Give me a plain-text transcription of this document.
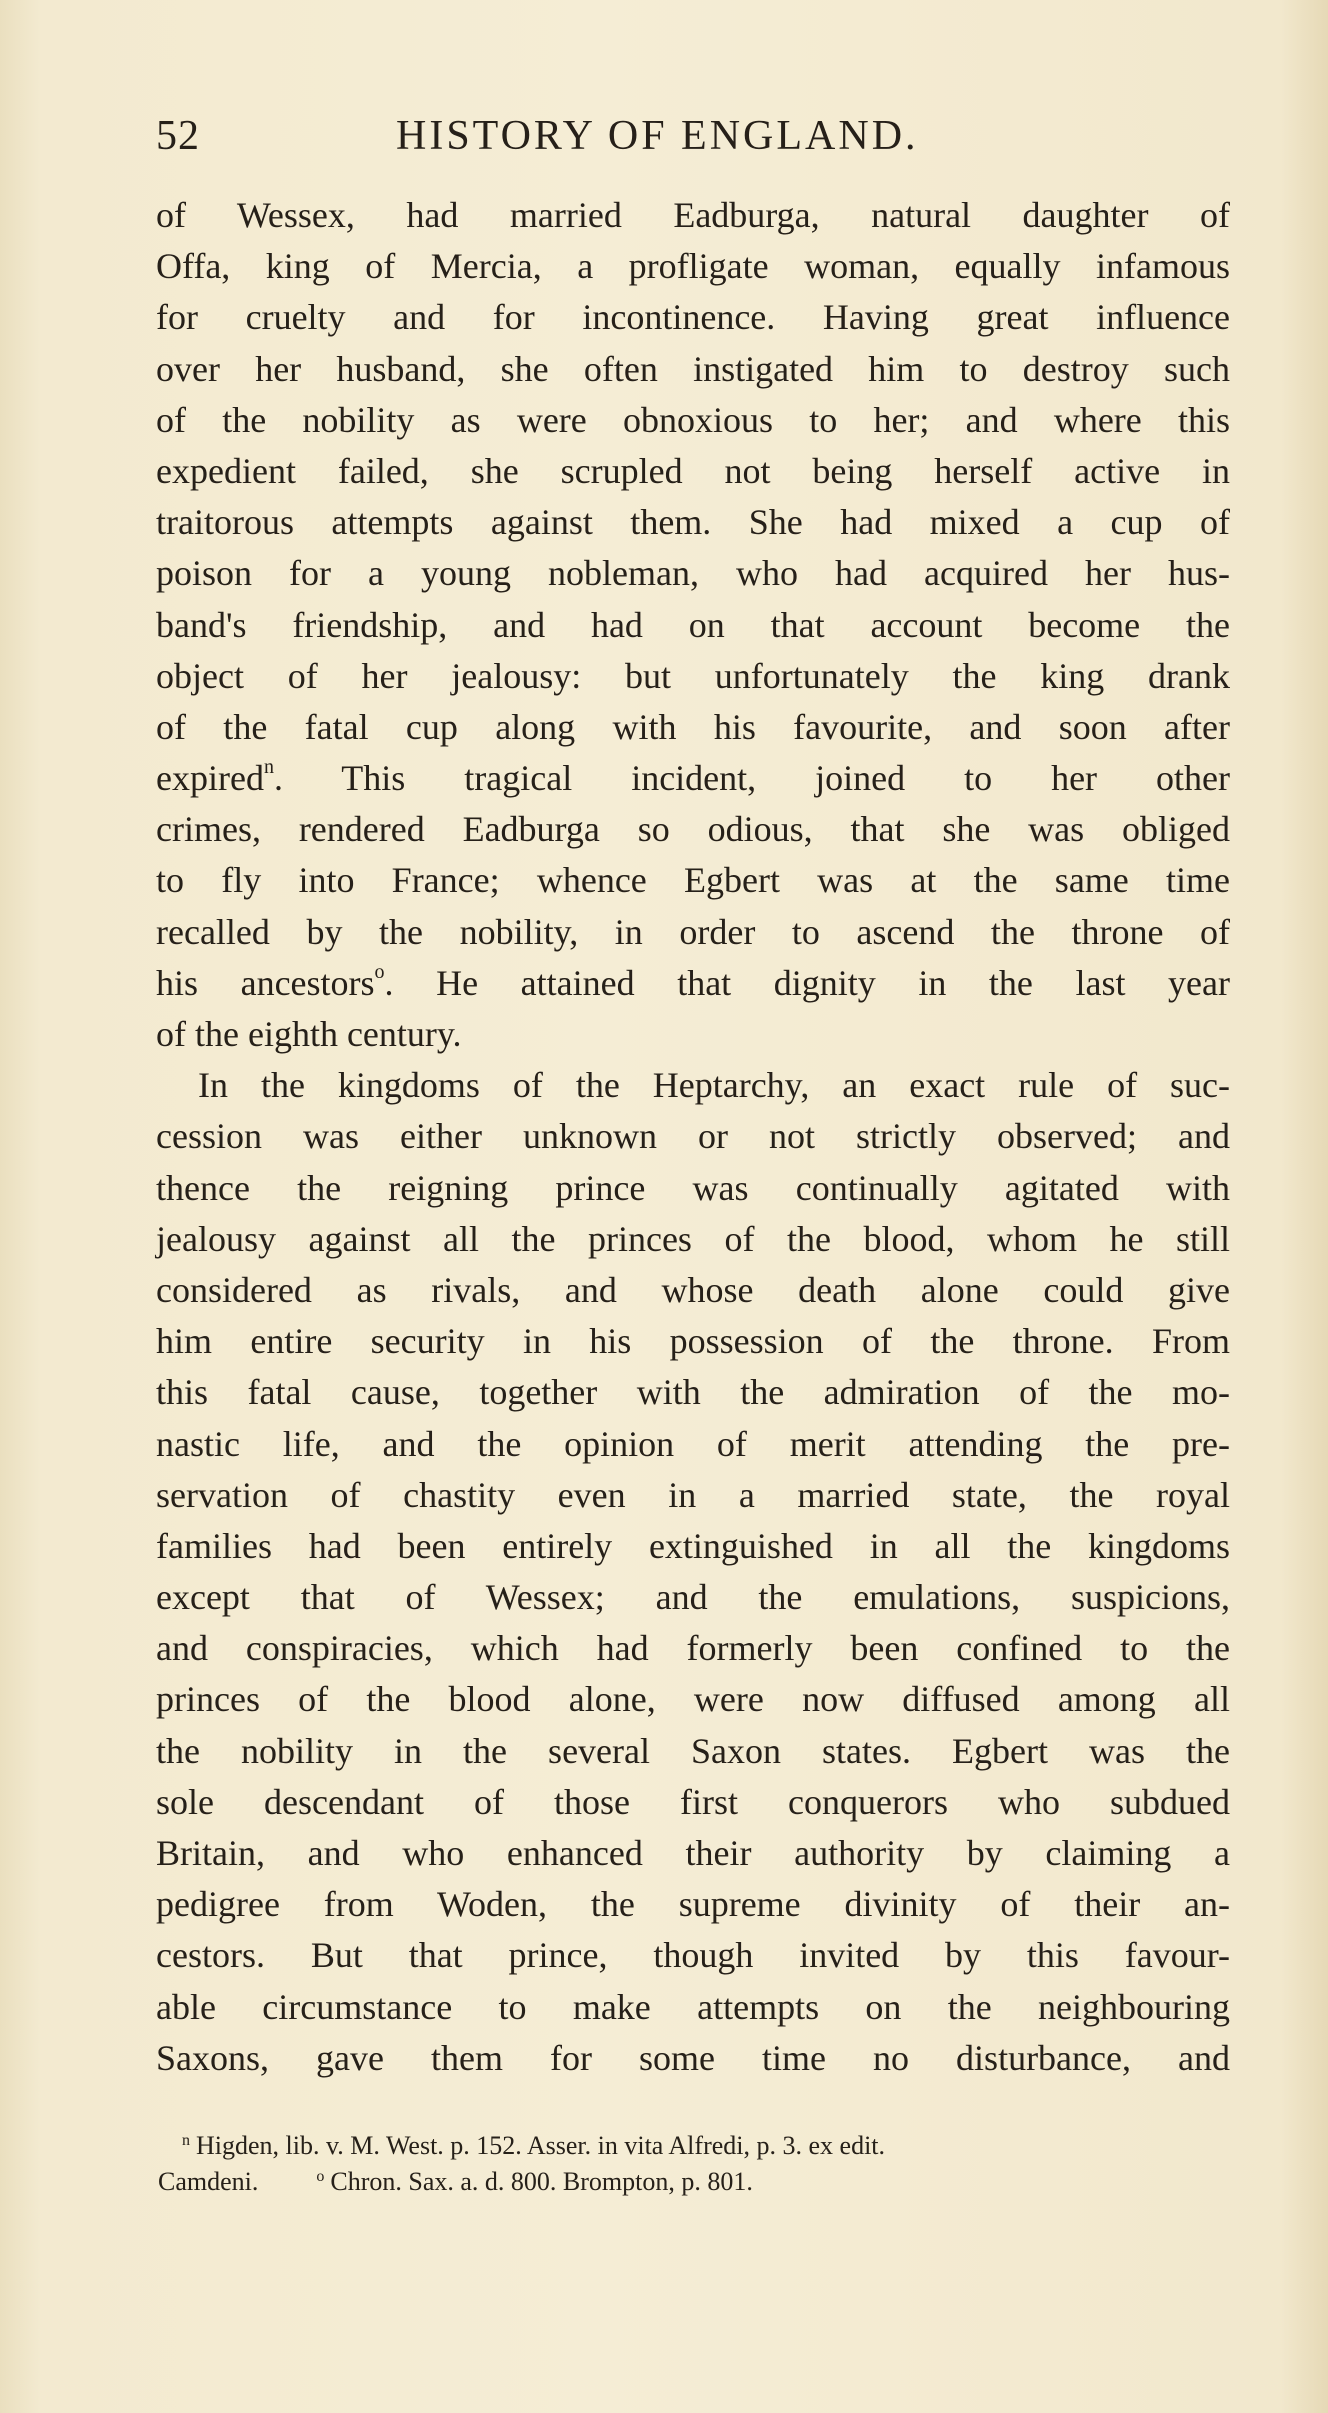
52	HISTORY OF ENGLAND.
of Wessex, had married Eadburga, natural daughter of
Offa, king of Mercia, a profligate woman, equally infamous
for cruelty and for incontinence. Having great influence
over her husband, she often instigated him to destroy such
of the nobility as were obnoxious to her; and where this
expedient failed, she scrupled not being herself active in
traitorous attempts against them. She had mixed a cup of
poison for a young nobleman, who had acquired her hus-
band's friendship, and had on that account become the
object of her jealousy: but unfortunately the king drank
of the fatal cup along with his favourite, and soon after
expired$^n$. This tragical incident, joined to her other
crimes, rendered Eadburga so odious, that she was obliged
to fly into France; whence Egbert was at the same time
recalled by the nobility, in order to ascend the throne of
his ancestors$^o$. He attained that dignity in the last year
of the eighth century.
In the kingdoms of the Heptarchy, an exact rule of suc-
cession was either unknown or not strictly observed; and
thence the reigning prince was continually agitated with
jealousy against all the princes of the blood, whom he still
considered as rivals, and whose death alone could give
him entire security in his possession of the throne. From
this fatal cause, together with the admiration of the mo-
nastic life, and the opinion of merit attending the pre-
servation of chastity even in a married state, the royal
families had been entirely extinguished in all the kingdoms
except that of Wessex; and the emulations, suspicions,
and conspiracies, which had formerly been confined to the
princes of the blood alone, were now diffused among all
the nobility in the several Saxon states. Egbert was the
sole descendant of those first conquerors who subdued
Britain, and who enhanced their authority by claiming a
pedigree from Woden, the supreme divinity of their an-
cestors. But that prince, though invited by this favour-
able circumstance to make attempts on the neighbouring
Saxons, gave them for some time no disturbance, and
$^n$ Higden, lib. v. M. West. p. 152. Asser. in vita Alfredi, p. 3. ex edit.
Camdeni.	$^o$ Chron. Sax. a. d. 800. Brompton, p. 801.
